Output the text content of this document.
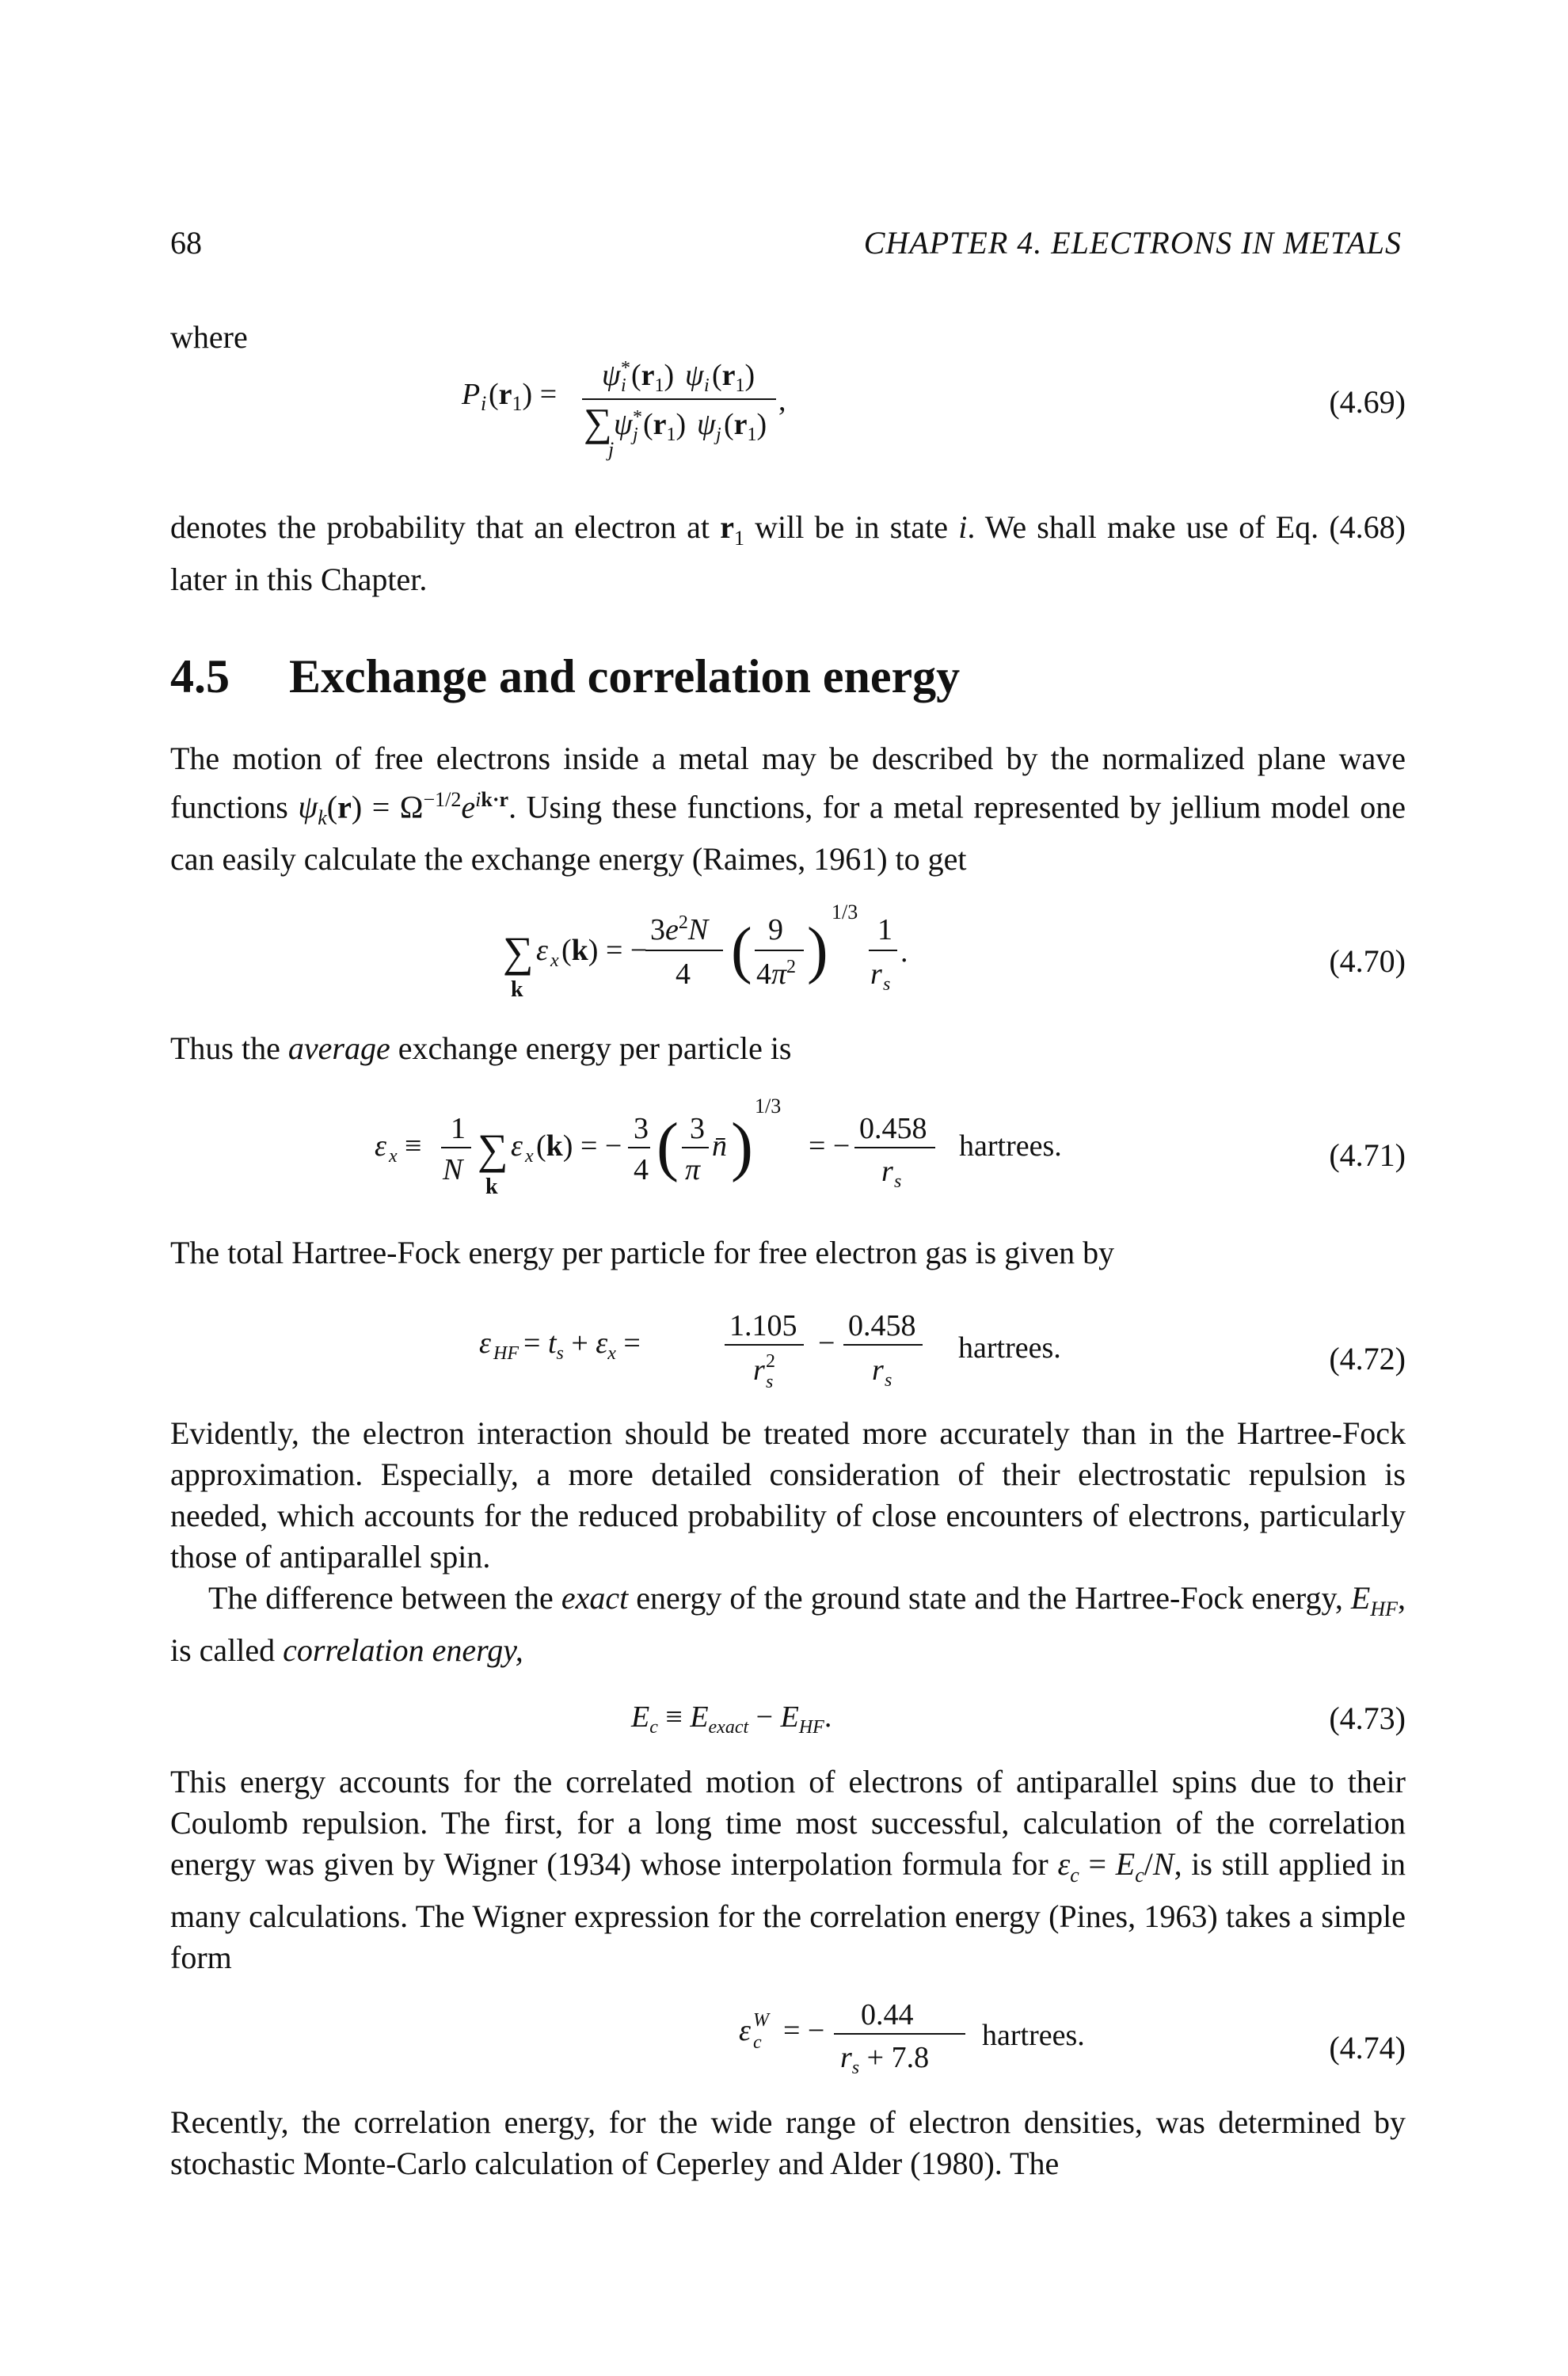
68	CHAPTER 4. ELECTRONS IN METALS
where
P i $(r_1)$ =
ψ *
i $(r_1)$ ψ i $(r_1)$
,
∑
j
ψ *
j $(r_1)$ ψ j $(r_1)$
(4.69)
denotes the probability that an electron at $r_1$ will be in state i. We shall make use of Eq. (4.68) later in this Chapter.
4.5 Exchange and correlation energy
The motion of free electrons inside a metal may be described by the normalized plane wave functions $\psi_k(r) = \Omega^{-1/2}e^{ik\cdot r}$. Using these functions, for a metal represented by jellium model one can easily calculate the exchange energy (Raimes, 1961) to get
∑
k
ε x (k) = −
$3e^2N$
4 ( 9
$4\pi^2$ )
1/3
1
r s
.	(4.70)
Thus the average exchange energy per particle is
ε x ≡
1
N ∑
k
ε x (k) = −
3
4 ( 3
π
n̄ )
1/3
= −
0.458
r s
hartrees.	(4.71)
The total Hartree-Fock energy per particle for free electron gas is given by
ε HF = $t_s + \varepsilon_x$ =
1.105
r 2
s
−
0.458
r s
hartrees.	(4.72)
Evidently, the electron interaction should be treated more accurately than in the Hartree-Fock approximation. Especially, a more detailed consideration of their electrostatic repulsion is needed, which accounts for the reduced probability of close encounters of electrons, particularly those of antiparallel spin.
The difference between the exact energy of the ground state and the Hartree-Fock energy, $E_{HF}$, is called correlation energy,
$E_c \equiv E_{exact} - E_{HF}$.	(4.73)
This energy accounts for the correlated motion of electrons of antiparallel spins due to their Coulomb repulsion. The first, for a long time most successful, calculation of the correlation energy was given by Wigner (1934) whose interpolation formula for $\varepsilon_c = E_c/N$, is still applied in many calculations. The Wigner expression for the correlation energy (Pines, 1963) takes a simple form
ε W
c = − 0.44
$r_s + 7.8$
hartrees.	(4.74)
Recently, the correlation energy, for the wide range of electron densities, was determined by stochastic Monte-Carlo calculation of Ceperley and Alder (1980). The
